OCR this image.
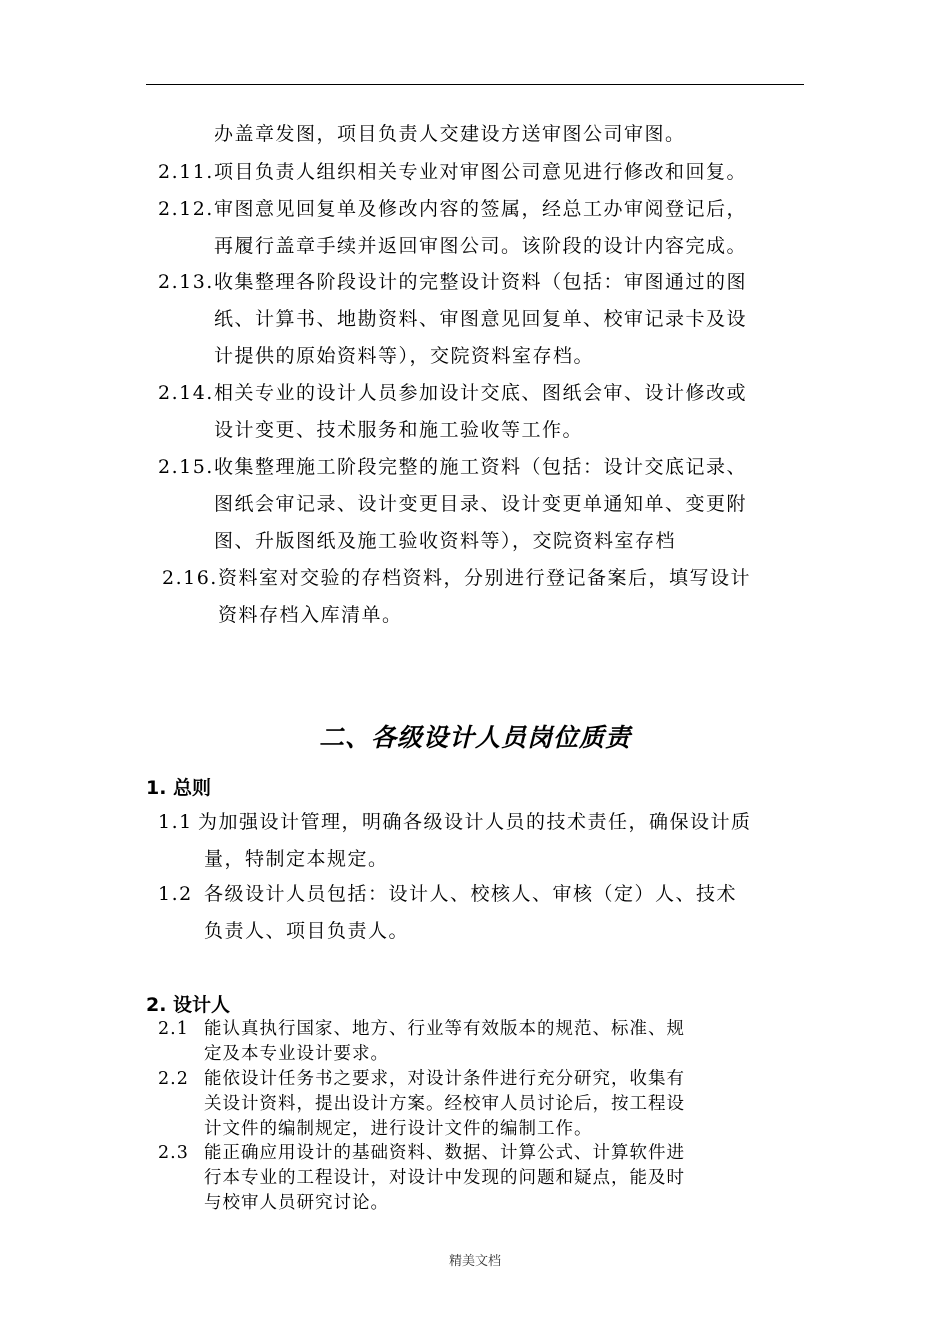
办盖章发图，项目负责人交建设方送审图公司审图。
2.11. 项目负责人组织相关专业对审图公司意见进行修改和回复。
2.12. 审图意见回复单及修改内容的签属，经总工办审阅登记后，
再履行盖章手续并返回审图公司。该阶段的设计内容完成。
2.13. 收集整理各阶段设计的完整设计资料（包括：审图通过的图
纸、计算书、地勘资料、审图意见回复单、校审记录卡及设
计提供的原始资料等），交院资料室存档。
2.14. 相关专业的设计人员参加设计交底、图纸会审、设计修改或
设计变更、技术服务和施工验收等工作。
2.15. 收集整理施工阶段完整的施工资料（包括：设计交底记录、
图纸会审记录、设计变更目录、设计变更单通知单、变更附
图、升版图纸及施工验收资料等），交院资料室存档
2.16. 资料室对交验的存档资料，分别进行登记备案后，填写设计
资料存档入库清单。
二、各级设计人员岗位质责
1. 总则
1.1 为加强设计管理，明确各级设计人员的技术责任，确保设计质
量，特制定本规定。
1.2 各级设计人员包括：设计人、校核人、审核（定）人、技术
负责人、项目负责人。
2. 设计人
2.1 能认真执行国家、地方、行业等有效版本的规范、标准、规
定及本专业设计要求。
2.2 能依设计任务书之要求，对设计条件进行充分研究，收集有
关设计资料，提出设计方案。经校审人员讨论后，按工程设
计文件的编制规定，进行设计文件的编制工作。
2.3 能正确应用设计的基础资料、数据、计算公式、计算软件进
行本专业的工程设计，对设计中发现的问题和疑点，能及时
与校审人员研究讨论。
精美文档
